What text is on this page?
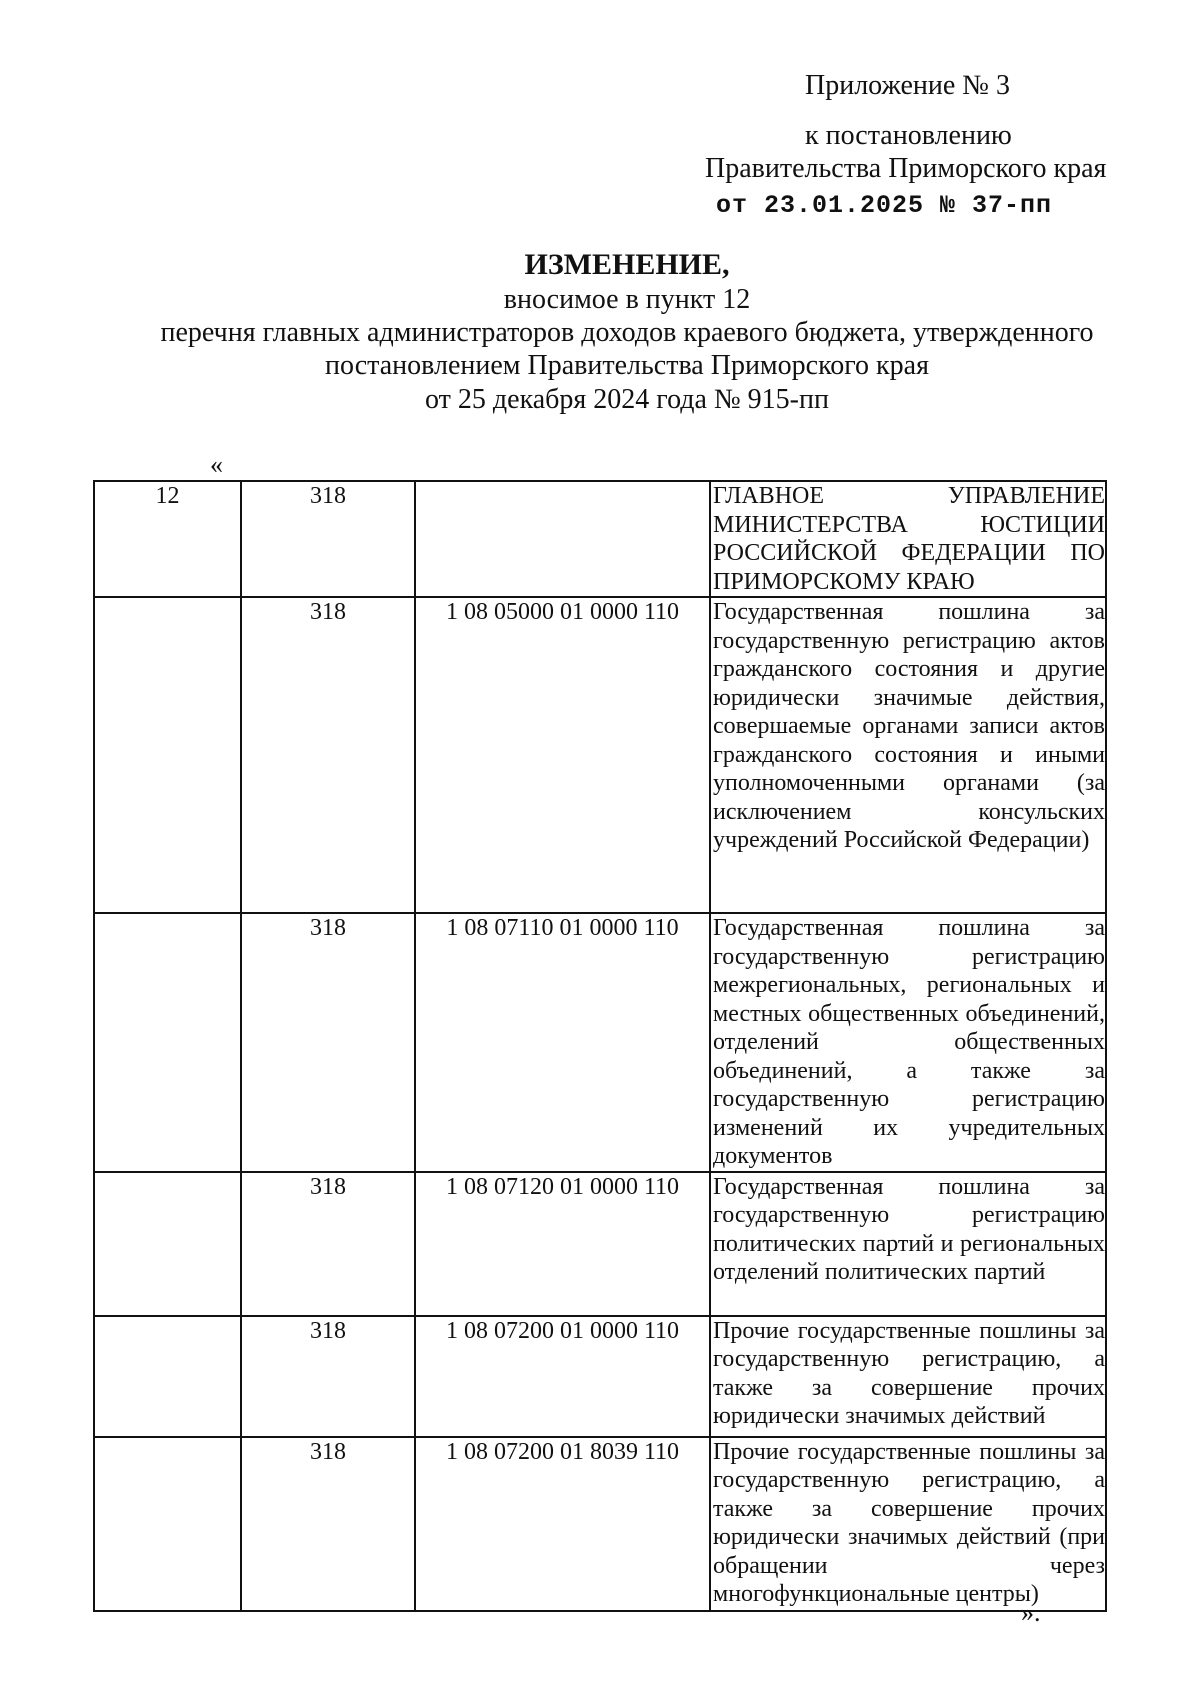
Приложение № 3
к постановлению
Правительства Приморского края
от 23.01.2025 № 37-пп
ИЗМЕНЕНИЕ,
вносимое в пункт 12
перечня главных администраторов доходов краевого бюджета, утвержденного
постановлением Правительства Приморского края
от 25 декабря 2024 года № 915-пп
«
12	318		ГЛАВНОЕ УПРАВЛЕНИЕ МИНИСТЕРСТВА ЮСТИЦИИ РОССИЙСКОЙ ФЕДЕРАЦИИ ПО ПРИМОРСКОМУ КРАЮ

	318	1 08 05000 01 0000 110	Государственная пошлина за государственную регистрацию актов гражданского состояния и другие юридически значимые действия, совершаемые органами записи актов гражданского состояния и иными уполномоченными органами (за исключением консульских учреждений Российской Федерации)

	318	1 08 07110 01 0000 110	Государственная пошлина за государственную регистрацию межрегиональных, региональных и местных общественных объединений, отделений общественных объединений, а также за государственную регистрацию изменений их учредительных документов

	318	1 08 07120 01 0000 110	Государственная пошлина за государственную регистрацию политических партий и региональных отделений политических партий

	318	1 08 07200 01 0000 110	Прочие государственные пошлины за государственную регистрацию, а также за совершение прочих юридически значимых действий

	318	1 08 07200 01 8039 110	Прочие государственные пошлины за государственную регистрацию, а также за совершение прочих юридически значимых действий (при обращении через многофункциональные центры)
».
